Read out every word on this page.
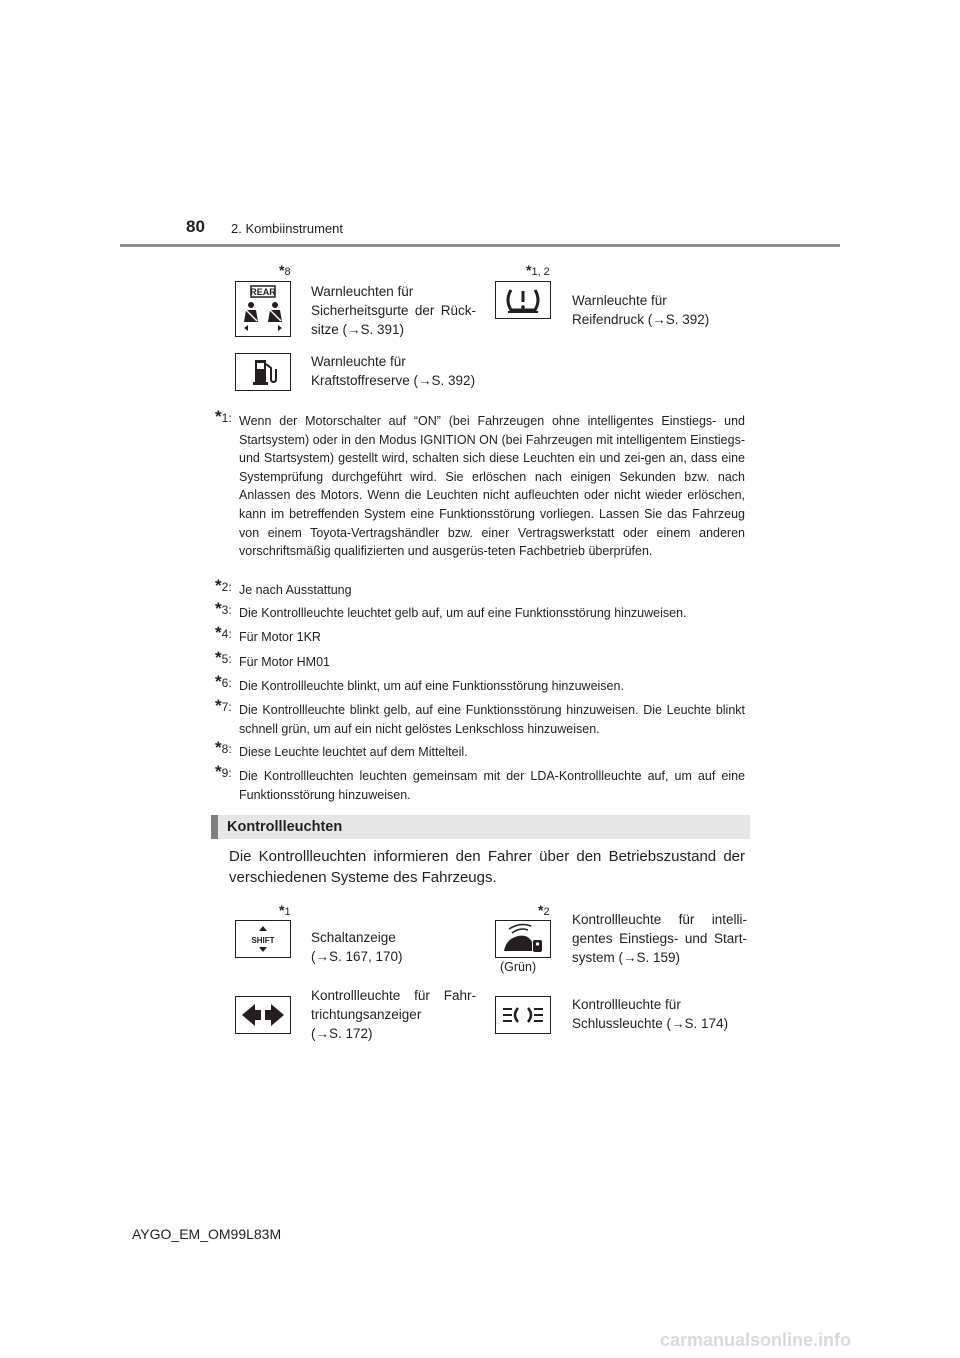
80 2. Kombiinstrument
*8
REAR	Warnleuchten für
Sicherheitsgurte der Rück-
sitze (→S. 391)
*1, 2
Warnleuchte für
Reifendruck (→S. 392)
Warnleuchte für
Kraftstoffreserve (→S. 392)
*1: Wenn der Motorschalter auf “ON” (bei Fahrzeugen ohne intelligentes Einstiegs- und Startsystem) oder in den Modus IGNITION ON (bei Fahrzeugen mit intelligentem Einstiegs- und Startsystem) gestellt wird, schalten sich diese Leuchten ein und zei-gen an, dass eine Systemprüfung durchgeführt wird. Sie erlöschen nach einigen Sekunden bzw. nach Anlassen des Motors. Wenn die Leuchten nicht aufleuchten oder nicht wieder erlöschen, kann im betreffenden System eine Funktionsstörung vorliegen. Lassen Sie das Fahrzeug von einem Toyota-Vertragshändler bzw. einer Vertragswerkstatt oder einem anderen vorschriftsmäßig qualifizierten und ausgerüs-teten Fachbetrieb überprüfen.
*2: Je nach Ausstattung
*3: Die Kontrollleuchte leuchtet gelb auf, um auf eine Funktionsstörung hinzuweisen.
*4: Für Motor 1KR
*5: Für Motor HM01
*6: Die Kontrollleuchte blinkt, um auf eine Funktionsstörung hinzuweisen.
*7: Die Kontrollleuchte blinkt gelb, auf eine Funktionsstörung hinzuweisen. Die Leuchte blinkt schnell grün, um auf ein nicht gelöstes Lenkschloss hinzuweisen.
*8: Diese Leuchte leuchtet auf dem Mittelteil.
*9: Die Kontrollleuchten leuchten gemeinsam mit der LDA-Kontrollleuchte auf, um auf eine Funktionsstörung hinzuweisen.
Kontrollleuchten
Die Kontrollleuchten informieren den Fahrer über den Betriebszustand der verschiedenen Systeme des Fahrzeugs.
*1
SHIFT	Schaltanzeige
(→S. 167, 170)
*2
(Grün)
Kontrollleuchte für intelli-
gentes Einstiegs- und Start-
system (→S. 159)
Kontrollleuchte für Fahr-
trichtungsanzeiger
(→S. 172)
Kontrollleuchte für
Schlussleuchte (→S. 174)
AYGO_EM_OM99L83M
carmanualsonline.info
